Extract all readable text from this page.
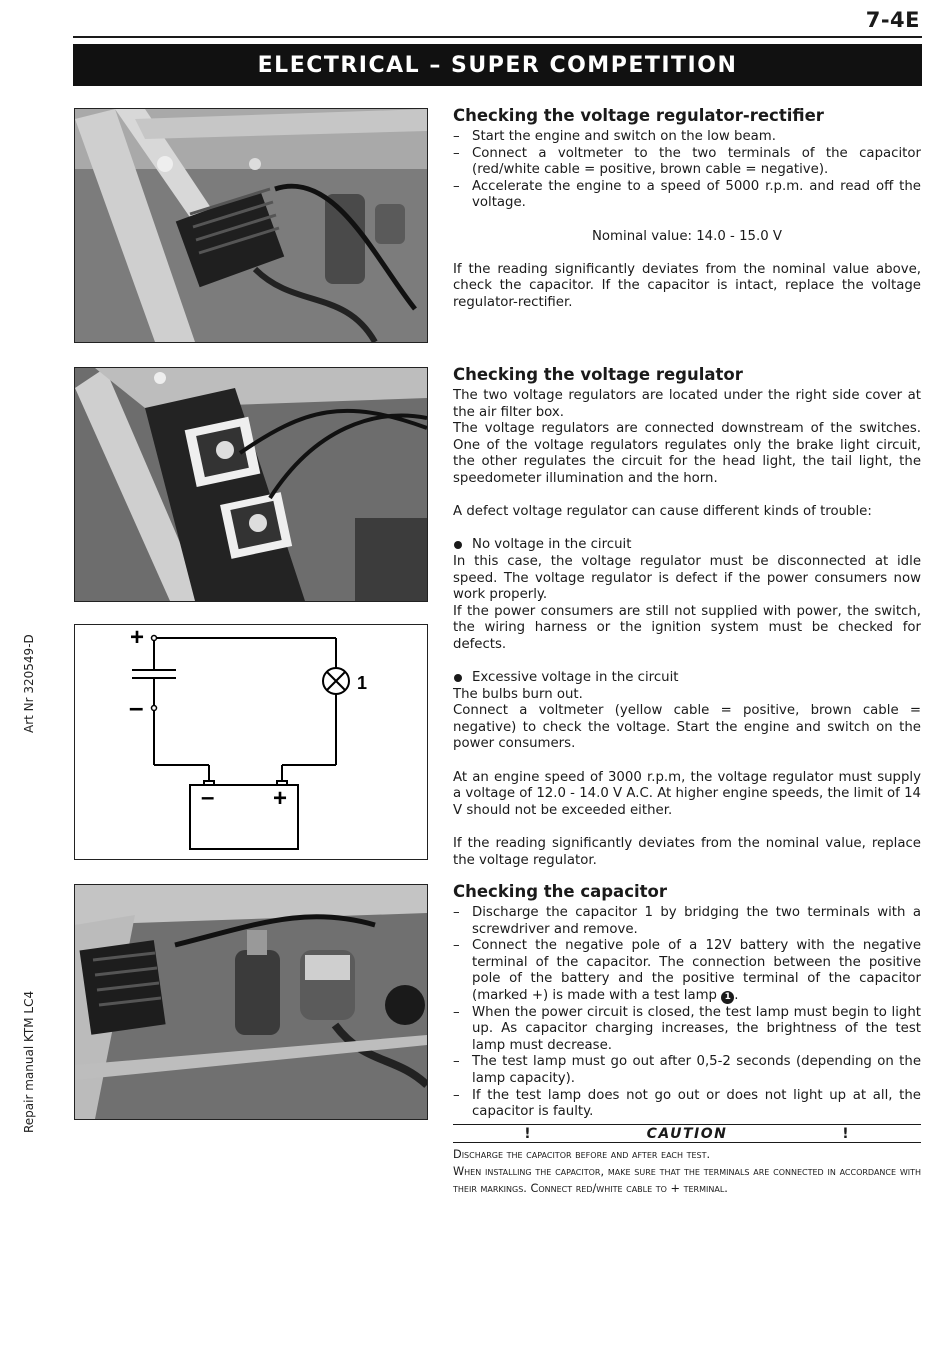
7-4E
ELECTRICAL – SUPER COMPETITION
Art Nr 320549-D
Repair manual KTM LC4
+
–
1
– +
Checking the voltage regulator-rectifier
– Start the engine and switch on the low beam.
– Connect a voltmeter to the two terminals of the capacitor (red/white cable = positive, brown cable = negative).
– Accelerate the engine to a speed of 5000 r.p.m. and read off the voltage.

Nominal value: 14.0 - 15.0 V

If the reading significantly deviates from the nominal value above, check the capacitor. If the capacitor is intact, replace the voltage regulator-rectifier.

Checking the voltage regulator

The two voltage regulators are located under the right side cover at the air filter box.

The voltage regulators are connected downstream of the switches. One of the voltage regulators regulates only the brake light circuit, the other regulates the circuit for the head light, the tail light, the speedometer illumination and the horn.

A defect voltage regulator can cause different kinds of trouble:

No voltage in the circuit

In this case, the voltage regulator must be disconnected at idle speed. The voltage regulator is defect if the power consumers now work properly.

If the power consumers are still not supplied with power, the switch, the wiring harness or the ignition system must be checked for defects.

Excessive voltage in the circuit

The bulbs burn out.

Connect a voltmeter (yellow cable = positive, brown cable = negative) to check the voltage. Start the engine and switch on the power consumers.

At an engine speed of 3000 r.p.m, the voltage regulator must supply a voltage of 12.0 - 14.0 V A.C. At higher engine speeds, the limit of 14 V should not be exceeded either.

If the reading significantly deviates from the nominal value, replace the voltage regulator.

Checking the capacitor
– Discharge the capacitor 1 by bridging the two terminals with a screwdriver and remove.
– Connect the negative pole of a 12V battery with the negative terminal of the capacitor. The connection between the positive pole of the battery and the positive terminal of the capacitor (marked +) is made with a test lamp 1 .
– When the power circuit is closed, the test lamp must begin to light up. As capacitor charging increases, the brightness of the test lamp must decrease.
– The test lamp must go out after 0,5-2 seconds (depending on the lamp capacity).
– If the test lamp does not go out or does not light up at all, the capacitor is faulty.
!	CAUTION	!

Discharge the capacitor before and after each test.

When installing the capacitor, make sure that the terminals are connected in accordance with their markings. Connect red/white cable to + terminal.
